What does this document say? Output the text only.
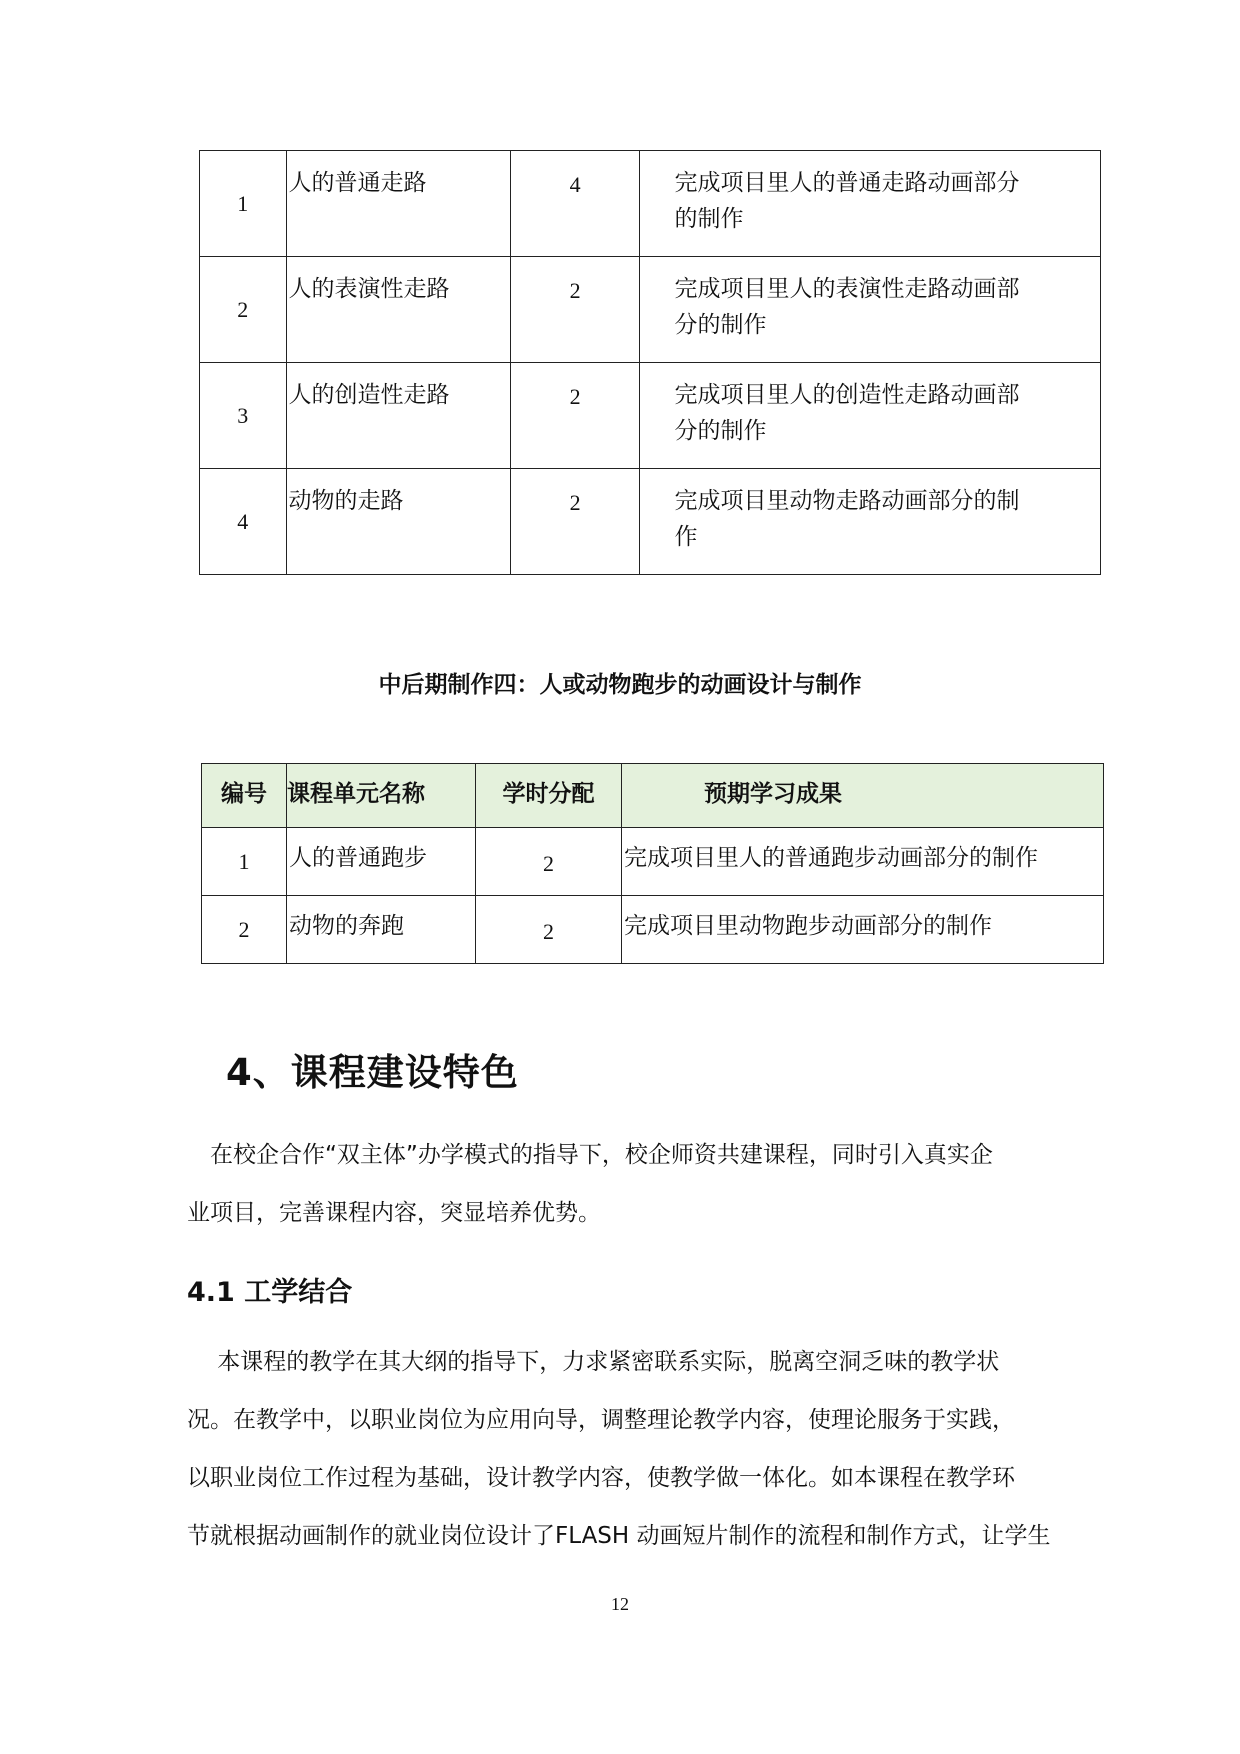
1	人的普通走路	4	完成项目里人的普通走路动画部分
的制作

2	人的表演性走路	2	完成项目里人的表演性走路动画部
分的制作

3	人的创造性走路	2	完成项目里人的创造性走路动画部
分的制作

4	动物的走路	2	完成项目里动物走路动画部分的制
作
中后期制作四：人或动物跑步的动画设计与制作
编号	课程单元名称	学时分配	预期学习成果

1	人的普通跑步	2	完成项目里人的普通跑步动画部分的制作

2	动物的奔跑	2	完成项目里动物跑步动画部分的制作
4、课程建设特色
　在校企合作“双主体”办学模式的指导下，校企师资共建课程，同时引入真实企
业项目，完善课程内容，突显培养优势。
4.1 工学结合
　 本课程的教学在其大纲的指导下，力求紧密联系实际，脱离空洞乏味的教学状
况。在教学中，以职业岗位为应用向导，调整理论教学内容，使理论服务于实践，
以职业岗位工作过程为基础，设计教学内容，使教学做一体化。如本课程在教学环
节就根据动画制作的就业岗位设计了FLASH 动画短片制作的流程和制作方式，让学生
12
